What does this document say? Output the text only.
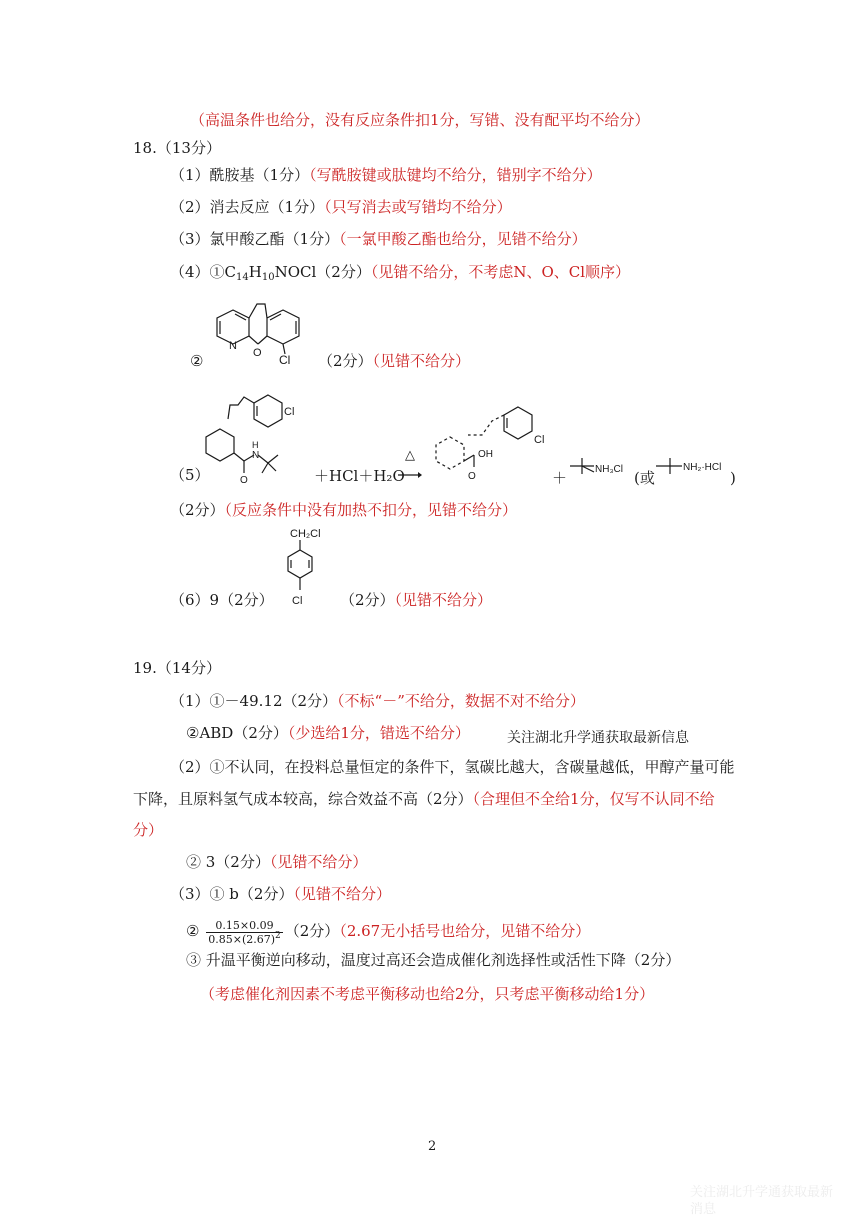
（高温条件也给分，没有反应条件扣1分，写错、没有配平均不给分）
18.（13分）
（1）酰胺基（1分）（写酰胺键或肽键均不给分，错别字不给分）
（2）消去反应（1分）（只写消去或写错均不给分）
（3）氯甲酸乙酯（1分）（一氯甲酸乙酯也给分，见错不给分）
$(4)①C_{14}H_{10}NOCl(2$分）（见错不给分，不考虑N、O、Cl顺序）
②
N
O Cl （2分）（见错不给分）
（5）
Cl
N
H
O	＋HCl＋H₂O
△
Cl
OH
O	＋	NH₃Cl (或
NH₂·HCl
)
（2分）（反应条件中没有加热不扣分，见错不给分）
（6）9（2分）
CH₂Cl
Cl	（2分）（见错不给分）
19.（14分）
（1）①－49.12（2分）（不标“－”不给分，数据不对不给分）
②ABD（2分）（少选给1分，错选不给分）	关注湖北升学通获取最新信息
（2）①不认同，在投料总量恒定的条件下，氢碳比越大，含碳量越低，甲醇产量可能
下降，且原料氢气成本较高，综合效益不高（2分）（合理但不全给1分，仅写不认同不给
分）
② 3（2分）（见错不给分）
（3）① b（2分）（见错不给分）
② $\frac{0.15\times 0.09}{0.85\times(2.67)^2} (2$分）（2.67无小括号也给分，见错不给分）
③ 升温平衡逆向移动，温度过高还会造成催化剂选择性或活性下降（2分）
（考虑催化剂因素不考虑平衡移动也给2分，只考虑平衡移动给1分）
2
关注湖北升学通获取最新
消息
